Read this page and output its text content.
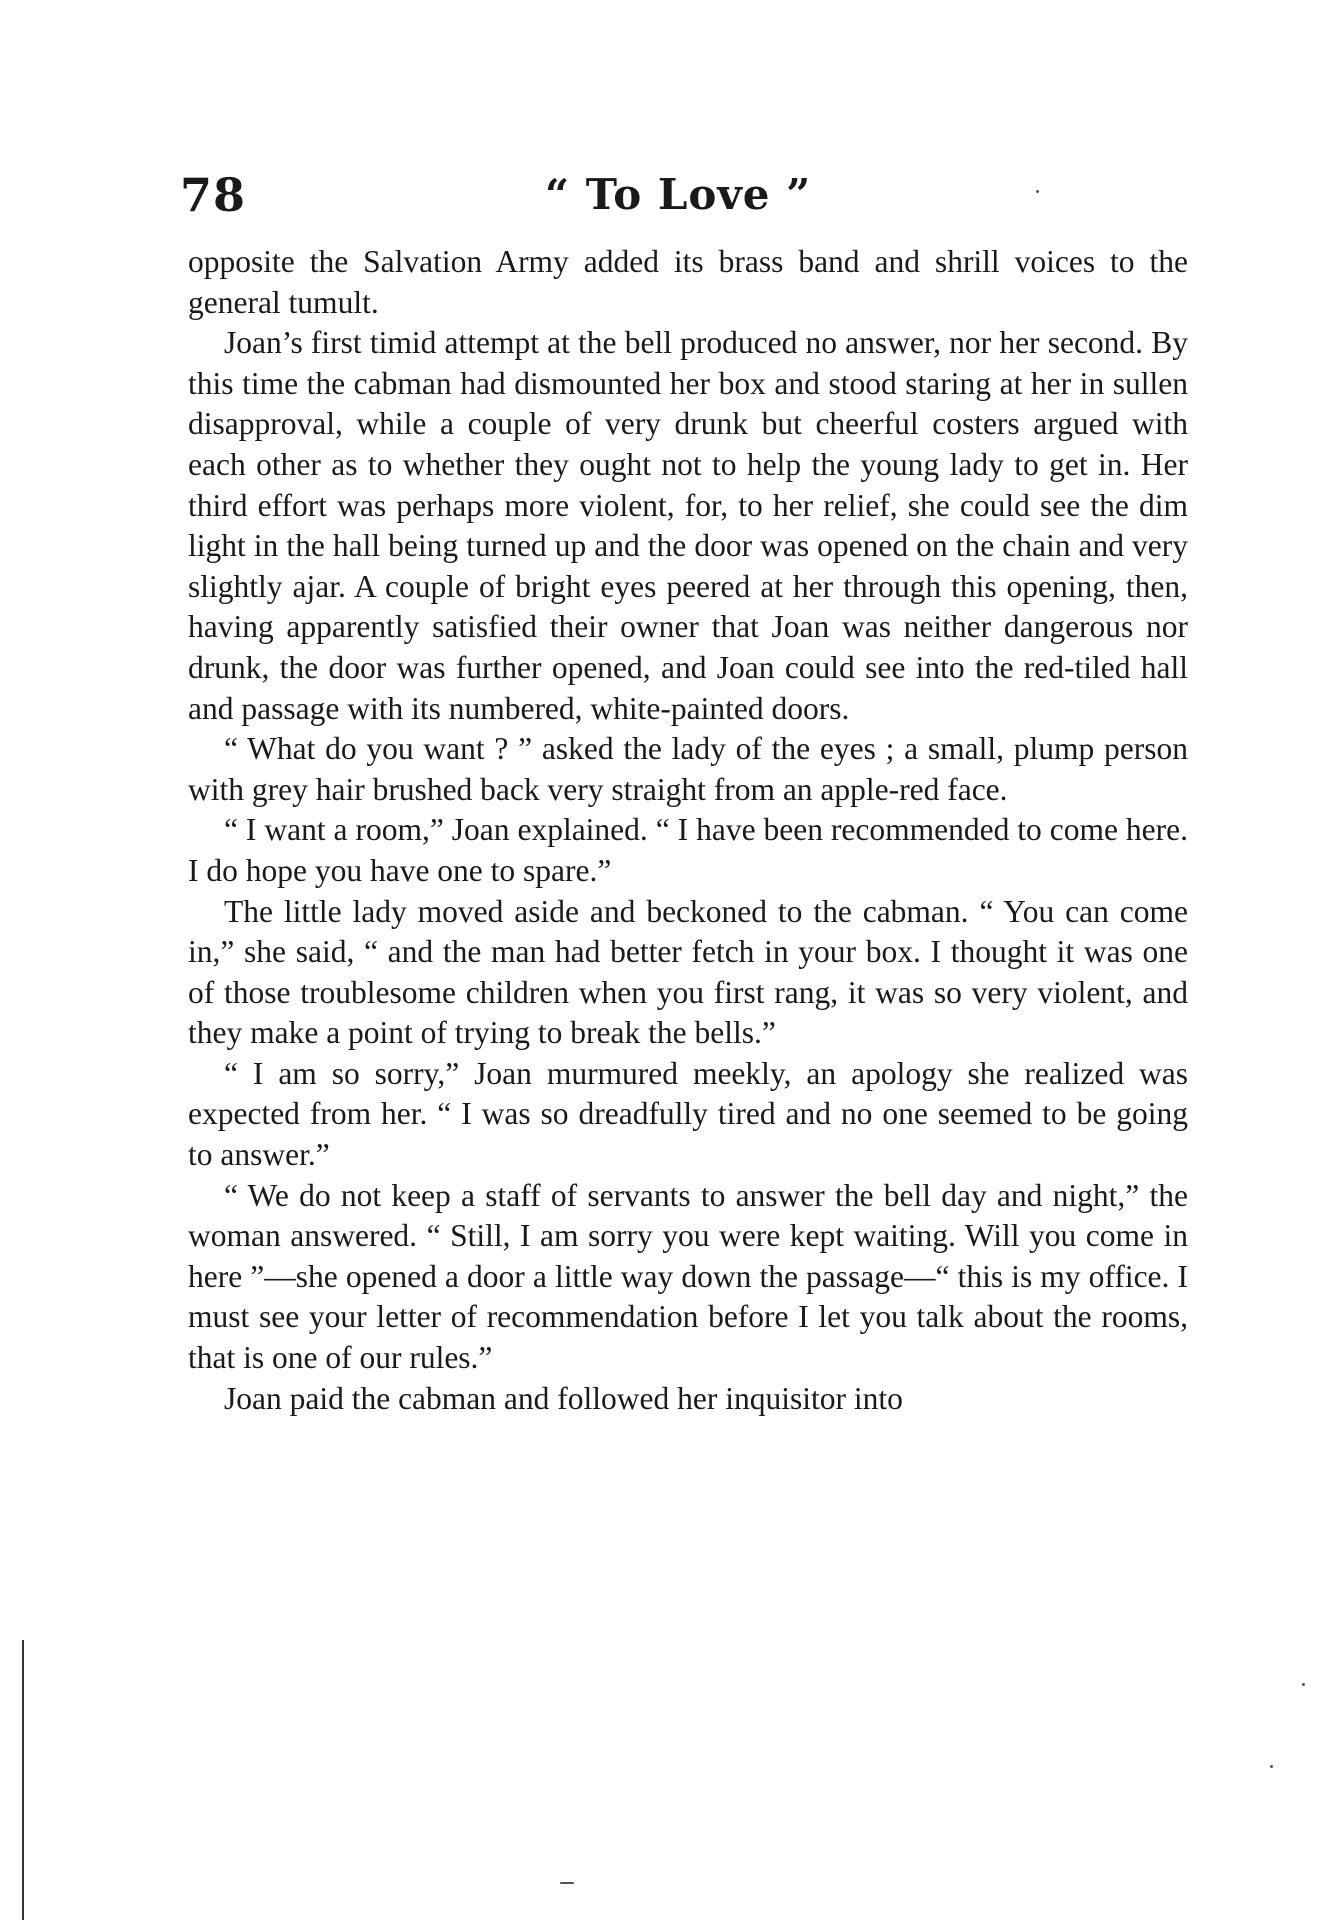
78	“ To Love ”

opposite the Salvation Army added its brass band and shrill voices to the general tumult.

Joan’s first timid attempt at the bell produced no answer, nor her second. By this time the cabman had dismounted her box and stood staring at her in sullen disapproval, while a couple of very drunk but cheerful costers argued with each other as to whether they ought not to help the young lady to get in. Her third effort was perhaps more violent, for, to her relief, she could see the dim light in the hall being turned up and the door was opened on the chain and very slightly ajar. A couple of bright eyes peered at her through this opening, then, having apparently satisfied their owner that Joan was neither dangerous nor drunk, the door was further opened, and Joan could see into the red-tiled hall and passage with its numbered, white-painted doors.

“ What do you want ? ” asked the lady of the eyes ; a small, plump person with grey hair brushed back very straight from an apple-red face.

“ I want a room,” Joan explained. “ I have been recommended to come here. I do hope you have one to spare.”

The little lady moved aside and beckoned to the cabman. “ You can come in,” she said, “ and the man had better fetch in your box. I thought it was one of those troublesome children when you first rang, it was so very violent, and they make a point of trying to break the bells.”

“ I am so sorry,” Joan murmured meekly, an apology she realized was expected from her. “ I was so dreadfully tired and no one seemed to be going to answer.”

“ We do not keep a staff of servants to answer the bell day and night,” the woman answered. “ Still, I am sorry you were kept waiting. Will you come in here ”—she opened a door a little way down the passage—“ this is my office. I must see your letter of recommendation before I let you talk about the rooms, that is one of our rules.”

Joan paid the cabman and followed her inquisitor into
